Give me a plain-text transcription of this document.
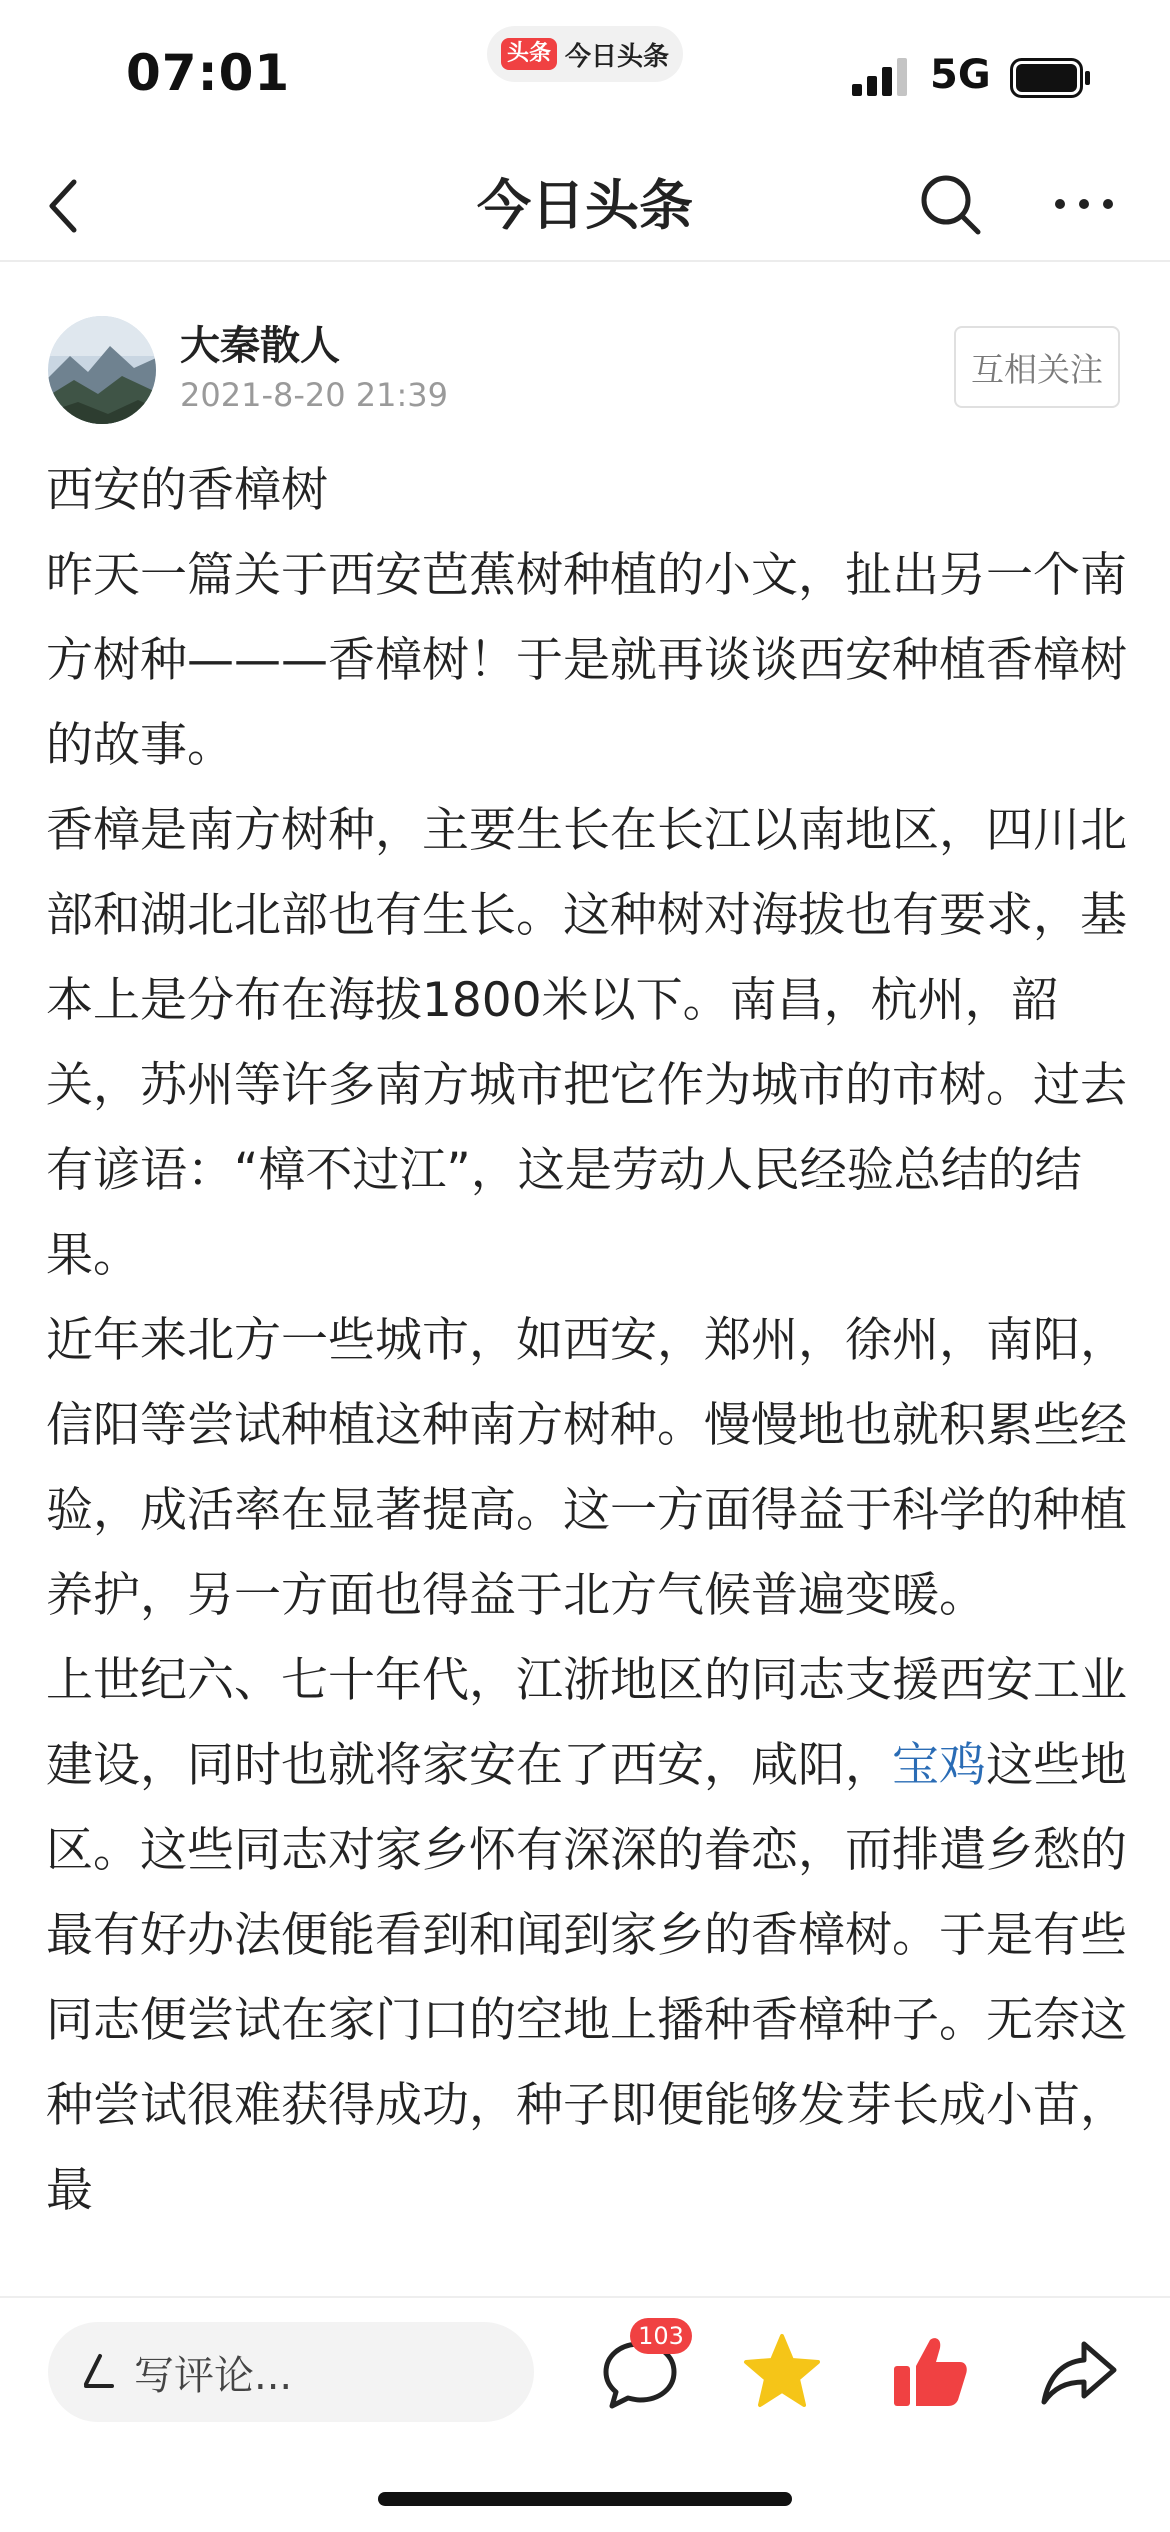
07:01	头条 今日头条	5G
今日头条
大秦散人
2021-8-20 21:39
互相关注

西安的香樟树

昨天一篇关于西安芭蕉树种植的小文，扯出另一个南方树种———香樟树！于是就再谈谈西安种植香樟树的故事。

香樟是南方树种，主要生长在长江以南地区，四川北部和湖北北部也有生长。这种树对海拔也有要求，基本上是分布在海拔1800米以下。南昌，杭州，韶关，苏州等许多南方城市把它作为城市的市树。过去有谚语：“樟不过江”，这是劳动人民经验总结的结果。

近年来北方一些城市，如西安，郑州，徐州，南阳，信阳等尝试种植这种南方树种。慢慢地也就积累些经验，成活率在显著提高。这一方面得益于科学的种植养护，另一方面也得益于北方气候普遍变暖。

上世纪六、七十年代，江浙地区的同志支援西安工业建设，同时也就将家安在了西安，咸阳，宝鸡这些地区。这些同志对家乡怀有深深的眷恋，而排遣乡愁的最有好办法便能看到和闻到家乡的香樟树。于是有些同志便尝试在家门口的空地上播种香樟种子。无奈这种尝试很难获得成功，种子即便能够发芽长成小苗，最

写评论...
103
